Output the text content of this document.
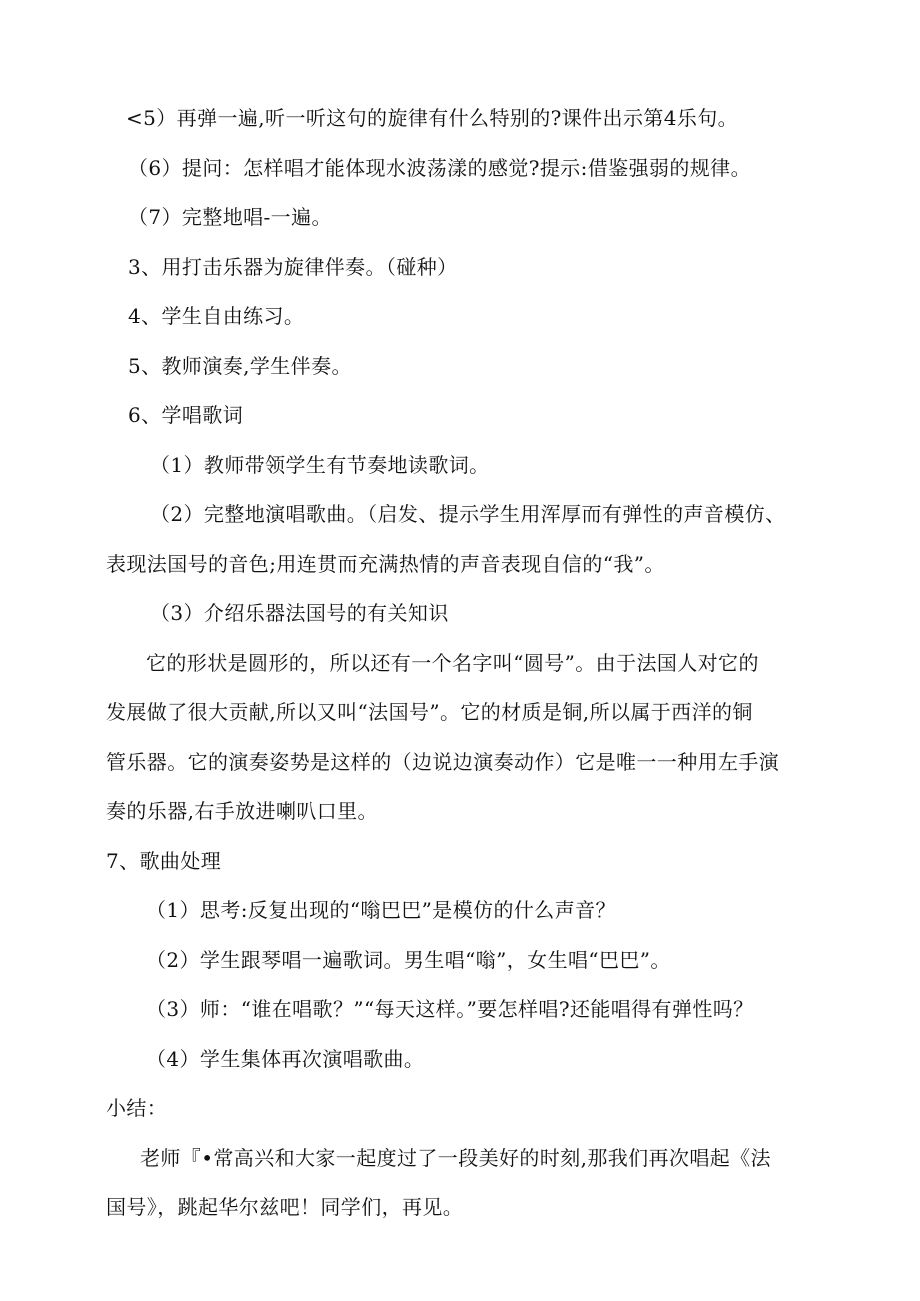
<5）再弹一遍,听一听这句的旋律有什么特别的?课件出示第4乐句。
（6）提问：怎样唱才能体现水波荡漾的感觉?提示:借鉴强弱的规律。
（7）完整地唱-一遍。
3、用打击乐器为旋律伴奏。（碰种）
4、学生自由练习。
5、教师演奏,学生伴奏。
6、学唱歌词
（1）教师带领学生有节奏地读歌词。
（2）完整地演唱歌曲。（启发、提示学生用浑厚而有弹性的声音模仿、
表现法国号的音色;用连贯而充满热情的声音表现自信的“我”。
（3）介绍乐器法国号的有关知识
它的形状是圆形的，所以还有一个名字叫“圆号”。由于法国人对它的
发展做了很大贡献,所以又叫“法国号”。它的材质是铜,所以属于西洋的铜
管乐器。它的演奏姿势是这样的（边说边演奏动作）它是唯一一种用左手演
奏的乐器,右手放进喇叭口里。
7、歌曲处理
（1）思考:反复出现的“嗡巴巴”是模仿的什么声音？
（2）学生跟琴唱一遍歌词。男生唱“嗡”，女生唱“巴巴”。
（3）师：“谁在唱歌？”“每天这样。”要怎样唱?还能唱得有弹性吗？
（4）学生集体再次演唱歌曲。
小结：
老师『•常高兴和大家一起度过了一段美好的时刻,那我们再次唱起《法
国号》，跳起华尔兹吧！同学们，再见。
